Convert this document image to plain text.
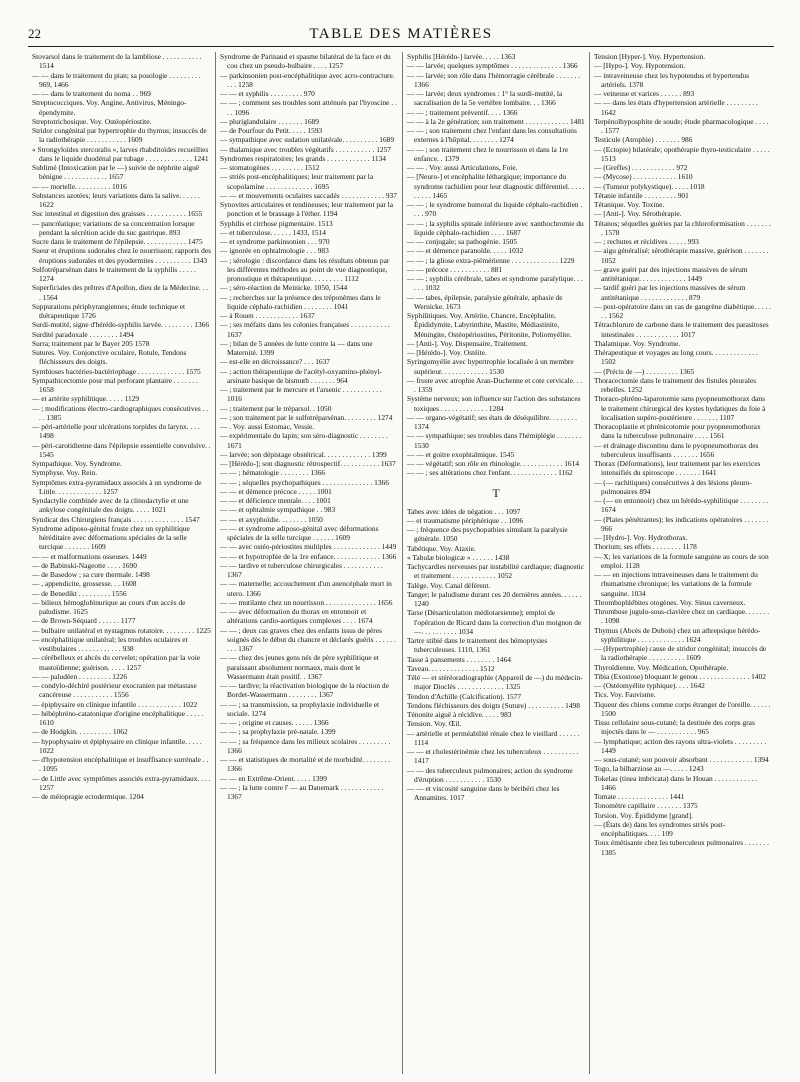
22	TABLE DES MATIÈRES

Stovarsol dans le traitement de la lambliose . . . . . . . . . . . 1514

— — dans le traitement du pian; sa posologie . . . . . . . . . 969, 1466

— — dans le traitement du noma . . 969

Streptococciques. Voy. Angine, Antivirus, Méningo-épendymite.

Streptotrichosique. Voy. Ostéopériostite.

Stridor congénital par hypertrophie du thymus; insuccès de la radiothérapie . . . . . . . . . . . 1609

« Strongyloïdes stercoralis », larves rhabditoïdes recueillies dans le liquide duodénal par tubage . . . . . . . . . . . . . 1241

Sublimé (Intoxication par le —) suivie de néphrite aiguë bénigne . . . . . . . . . . . . 1657

— — mortelle. . . . . . . . . . 1016

Substances azotées; leurs variations dans la salive. . . . . . 1622

Suc intestinal et digestion des graisses . . . . . . . . . . . 1655

— pancréatique; variations de sa concentration lorsque pendant la sécrétion acide du suc gastrique. 893

Sucre dans le traitement de l'épilepsie. . . . . . . . . . . . 1475

Sueur et éruptions sudorales chez le nourrisson; rapports des éruptions sudorales et des pyodermites . . . . . . . . . . 1343

Sulfotréparsénan dans le traitement de la syphilis . . . . . 1274

Superficiales des prêtres d'Apollon, dieu de la Médecine. . . . 1564

Suppurations périphyrangiennes; étude technique et thérapeutique 1726

Surdi-mutité, signe d'hérédo-syphilis larvée. . . . . . . . . 1366

Surdité paradoxale . . . . . . . . 1494

Surra; traitement par le Bayer 205 1578

Sutures. Voy. Conjonctive oculaire, Rotule, Tendons fléchisseurs des doigts.

Symbioses bactéries-bactériophage . . . . . . . . . . . . . 1575

Sympathicectomie pour mal perforant plantaire . . . . . . . 1658

— et artérite syphilitique. . . . . 1129

— ; modifications électro-cardiographiques consécutives . . . . 1385

— péri-artérielle pour ulcérations torpides du larynx. . . . 1498

— péri-carotidienne dans l'épilepsie essentielle convulsive. . 1545

Sympathique. Voy. Syndrome.

Symphyse. Voy. Rein.

Symptômes extra-pyramidaux associés à un syndrome de Little. . . . . . . . . . . . . 1257

Syndactylie combinée avec de la clinodactylie et une ankylose congénitale des doigts. . . . . 1021

Syndicat des Chirurgiens français . . . . . . . . . . . . . . 1547

Syndrome adiposo-génital fruste chez un syphilitique héréditaire avec déformations spéciales de la selle turcique . . . . . . . 1609

— — et malformations osseuses. 1449

— de Babinski-Nageotte . . . . 1690

— de Basedow ; sa cure thermale. 1498

— , appendicite, grossesse. . . 1608

— de Benedikt . . . . . . . . . 1556

— bilieux hémoglobinurique au cours d'un accès de paludisme. 1625

— de Brown-Séquard . . . . . . 1177

— bulbaire unilatéral et nystagmus rotatoire. . . . . . . . . 1225

— encéphalitique unilatéral; les troubles oculaires et vestibulaires . . . . . . . . . . . . 938

— cérébelleux et abcès du cervelet; opération par la voie mastoïdienne; guérison. . . . . 1257

— — paludéen . . . . . . . . . 1226

— condylo-déchiré postérieur exocranien par métastase cancéreuse . . . . . . . . . . . 1556

— épiphysaire en clinique infantile . . . . . . . . . . . . 1022

— hébéphréno-catatonique d'origine encéphalitique . . . . . 1610

— de Hodgkin. . . . . . . . . . 1062

— hypophysaire et épiphysaire en clinique infantile. . . . . 1022

— d'hypotension encéphalitique et insuffisance surrénale . . . 1095

— de Little avec symptômes associés extra-pyramidaux. . . . 1257

— de méiopragie ectodermique. 1204

Syndrome de Parinaud et spasme bilatéral de la face et du cou chez un pseudo-bulbaire . . . . 1257

— parkinsonien post-encéphalitique avec acro-contracture. . . . 1258

— — et syphilis . . . . . . . . . 970

— — ; comment ses troubles sont atténués par l'hyoscine . . . . 1096

— pluriglandulaire . . . . . . . 1689

— de Pourfour du Petit. . . . . 1593

— sympathique avec sudation unilatérale. . . . . . . . . . 1689

— thalamique avec troubles végétatifs . . . . . . . . . . . 1257

Syndromes respiratoires; les grands . . . . . . . . . . . . 1134

— stomatogènes . . . . . . . . . 1512

— striés post-encéphalitiques; leur traitement par la scopolamine . . . . . . . . . . . . . 1695

— — et mouvements oculaires saccadés . . . . . . . . . . . . 937

Synovites articulaires et tendineuses; leur traitement par la ponction et le brassage à l'éther. 1194

Syphilis et cirrhose pigmentaire. 1513

— et tuberculose. . . . . . 1433, 1514

— et syndrome parkinsonien . . . 970

— ignorée en ophtalmologie . . . 983

— ; sérologie : discordance dans les résultats obtenus par les différentes méthodes au point de vue diagnostique, pronostique et thérapeutique. . . . . . . . . 1112

— ; séro-réaction de Meinicke. 1050, 1544

— ; recherches sur la présence des tréponèmes dans le liquide céphalo-rachidien . . . . . . . . 1041

— à Rouen . . . . . . . . . . . . 1637

— ; ses méfaits dans les colonies françaises . . . . . . . . . . . 1637

— ; bilan de 5 années de lutte contre la — dans une Maternité. 1399

— est-elle en décroissance? . . . 1637

— ; action thérapeutique de l'acétyl-oxyamino-phényl-arsinate basique de bismuth . . . . . . . 964

— ; traitement par le mercure et l'arsenic . . . . . . . . . . . 1016

— ; traitement par le tréparsol. . 1050

— ; son traitement par le sulfotréparsénan. . . . . . . . . 1274

— . Voy. aussi Estomac, Vessie.

— expérimentale du lapin; son séro-diagnostic . . . . . . . . 1671

— larvée; son dépistage obstétrical. . . . . . . . . . . . . 1399

— [Hérédo-]; son diagnostic rétrospectif. . . . . . . . . . . 1637

— — ; hématologie . . . . . . . . 1366

— — ; séquelles psychopathiques . . . . . . . . . . . . . . 1366

— — et démence précoce . . . . . 1001

— — et déficience mentale. . . . 1001

— — et ophtalmie sympathique . . 983

— — et axyphoïdie. . . . . . . . 1050

— — et syndrome adiposo-génital avec déformations spéciales de la selle turcique . . . . . . 1609

— — avec ostéo-périostites multiples . . . . . . . . . . . . . 1449

— — et hypotrophie de la 1re enfance. . . . . . . . . . . . . 1366

— — tardive et tuberculose chirurgicales . . . . . . . . . . . 1367

— — maternelle; accouchement d'un anencéphale mort in utero. 1366

— — mutilante chez un nourrisson . . . . . . . . . . . . . . 1656

— — avec déformation du thorax en entonnoir et altérations cardio-aortiques complexes . . . . 1674

— — ; deux cas graves chez des enfants issus de pères soignés dès le début du chancre et déclarés guéris . . . . . . . . . 1367

— — chez des jeunes gens nés de père syphilitique et paraissant absolument normaux, mais dont le Wassermann était positif. . 1367

— — tardive; la réactivation biologique de la réaction de Bordet-Wassermann . . . . . . . . 1367

— — ; sa transmission, sa prophylaxie individuelle et sociale. 1274

— — ; origine et causes. . . . . . 1366

— — ; sa prophylaxie pré-natale. 1399

— — ; sa fréquence dans les milieux scolaires . . . . . . . . . 1366

— — et statistiques de mortalité et de morbidité. . . . . . . . 1366

— — en Extrême-Orient. . . . . 1399

— — ; la lutte contre l' — au Danemark . . . . . . . . . . . . 1367

Syphilis [Hérédo-] larvée. . . . . 1363

— — larvée; quelques symptômes . . . . . . . . . . . . . . 1366

— — larvée; son rôle dans l'hémorragie cérébrale . . . . . . . 1366

— — larvée; deux syndromes : 1° la surdi-mutité, la sacralisation de la 5e vertèbre lombaire. . . 1366

— — ; traitement préventif. . . . 1366

— — à la 2e génération; son traitement . . . . . . . . . . . . 1481

— — ; son traitement chez l'enfant dans les consultations externes à l'hôpital. . . . . . . . 1274

— — ; son traitement chez le nourrisson et dans la 1re enfance. . 1379

— — . Voy. aussi Articulations, Foie.

— [Neuro-] et encéphalite léthargique; importance du syndrome rachidien pour leur diagnostic différentiel. . . . . . . . . . 1465

— — ; le syndrome humoral du liquide céphalo-rachidien . . . . 970

— — ; la syphilis spinale inférieure avec xanthochromie du liquide céphalo-rachidien . . . . 1687

— — conjugale; sa pathogénie. 1505

— — et démence paranoïde. . . . . 1032

— — ; la gliose extra-piémérienne . . . . . . . . . . . . . 1229

— — précoce . . . . . . . . . . . 881

— — ; syphilis cérébrale, tabes et syndrome paralytique. . . . . . 1032

— — tabes, épilepsie, paralysie générale, aphasie de Wernicke. 1673

Syphilitiques. Voy. Artérite, Chancre, Encéphalite, Épididymite, Labyrinthite, Mastite, Médiastinite, Méningite, Ostéopériostites, Péritonite, Poliomyélite.

— [Anti-]. Voy. Dispensaire, Traitement.

— [Hérédo-]. Voy. Ostéite.

Syringomyélie avec hypertrophie localisée à un membre supérieur. . . . . . . . . . . . . 1530

— fruste avec atrophie Aran-Duchenne et cote cervicale. . . . 1359

Système nerveux; son influence sur l'action des substances toxiques . . . . . . . . . . . . . 1284

— — organo-végétatif; ses états de déséquilibre. . . . . . . . 1374

— — sympathique; ses troubles dans l'hémiplégie . . . . . . . 1530

— — et goitre exophtalmique. 1545

— — végétatif; son rôle en rhinologie. . . . . . . . . . . . 1614

— — ; ses altérations chez l'enfant. . . . . . . . . . . . . 1162

T

Tabes avec idées de négation . . . 1097

— et traumatisme périphérique . . 1096

— ; fréquence des psychopathies simulant la paralysie générale. 1050

Tabétique. Voy. Ataxie.

« Tabulæ biologicæ » . . . . . . 1438

Tachycardies nerveuses par instabilité cardiaque; diagnostic et traitement . . . . . . . . . . . . 1052

Talège. Voy. Canal déférent.

Tanger; le paludisme durant ces 20 dernières années. . . . . . 1240

Tarse (Désarticulation médiotarsienne); emploi de l'opération de Ricard dans la correction d'un moignon de —. . . . . . . . . . 1034

Tartre stibié dans le traitement des hémoptysies tuberculeuses. 1110, 1361

Tasse à pansements . . . . . . . . 1464

Taveau. . . . . . . . . . . . . . 1512

Télé — et stéréoradiographie (Appareil de —) du médecin-major Dioclès . . . . . . . . . . . . . 1325

Tendon d'Achille (Calcification). 1577

Tendons fléchisseurs des doigts (Suture) . . . . . . . . . . 1498

Ténonite aiguë à récidive. . . . . 983

Tension. Voy. Œil.

— artérielle et perméabilité rénale chez le vieillard . . . . . . 1114

— — et cholestérinémie chez les tuberculeux . . . . . . . . . . 1417

— — des tuberculeux pulmonaires; action du syndrome d'éruption . . . . . . . . . . . 1530

— — et viscosité sanguine dans le béribéri chez les Annamites. 1017

Tension [Hyper-]. Voy. Hypertension.

— [Hypo-]. Voy. Hypotension.

— intraveineuse chez les hypotendus et hypertendus artériels. 1378

— veineuse et varices . . . . . . 893

— — dans les états d'hypertension artérielle . . . . . . . . . 1642

Terpénolhyposphite de soude; étude pharmacologique . . . . . 1577

Testicule (Atrophie) . . . . . . . 986

— (Ectopie) bilatérale; opothérapie thyro-testiculaire . . . . . 1513

— (Greffes) . . . . . . . . . . . . 972

— (Mycose) . . . . . . . . . . . . 1610

— (Tumeur polykystique). . . . . 1018

Tétanie infantile . . . . . . . . . 901

Tétanique. Voy. Toxine.

— [Anti-]. Voy. Sérothérapie.

Tétanos; séquelles guéries par la chloroformisation . . . . . . . . 1578

— ; rechutes et récidives . . . . . 993

— aigu généralisé; sérothérapie massive, guérison . . . . . . . 1052

— grave guéri par des injections massives de sérum antitétanique. . . . . . . . . . . . . 1449

— tardif guéri par les injections massives de sérum antitétanique . . . . . . . . . . . . . 879

— post-opératoire dans un cas de gangrène diabétique. . . . . . . 1562

Tétrachlorure de carbone dans le traitement des parasitoses intestinales . . . . . . . . . . . . 1017

Thalamique. Voy. Syndrome.

Thérapeutique et voyages au long cours. . . . . . . . . . . . . 1502

— (Précis de —) . . . . . . . . . 1365

Thoracectomie dans le traitement des fistules pleurales rebelles. 1252

Thoraco-phréno-laparotomie sans pyopneumothorax dans le traitement chirurgical des kystes hydatiques du foie à localisation supéro-postérieure . . . . . . . 1107

Thoracoplastie et phrénicotomie pour pyopneumothorax dans la tuberculose pulmonaire . . . . 1561

— et drainage discontinu dans le pyopneumothorax des tuberculeux insuffisants . . . . . . . 1656

Thorax (Déformations), leur traitement par les exercices intensifiés du spiroscope . . . . . . . 1641

— (— rachitiques) consécutives à des lésions pleuro-pulmonaires 894

— (— en entonnoir) chez un hérédo-syphilitique . . . . . . . . 1674

— (Plaies pénétrantes); les indications opératoires . . . . . . . 966

— [Hydro-]. Voy. Hydrothorax.

Thorium; ses effets . . . . . . . . 1178

— X; les variations de la formule sanguine au cours de son emploi. 1128

— — en injections intraveineuses dans le traitement du rhumatisme chronique; les variations de la formule sanguine. 1034

Thrombophlébites otogènes. Voy. Sinus caverneux.

Thrombose jugulo-sous-clavière chez un cardiaque. . . . . . . . 1098

Thymus (Abcès de Dubois) chez un athrepsique hérédo-syphilitique . . . . . . . . . . . . . 1624

— (Hypertrophie) cause de stridor congénital; insuccès de la radiothérapie . . . . . . . . . . 1609

Thyroïdienne. Voy. Médication, Opothérapie.

Tibia (Exostose) bloquant le genou . . . . . . . . . . . . . . 1402

— (Ostéomyélite typhique). . . . 1642

Tics. Voy. Fauvisme.

Tiqueur des chiens comme corps étranger de l'oreille. . . . . . 1500

Tissu cellulaire sous-cutané; la destinée des corps gras injectés dans le — . . . . . . . . . . . 965

— lymphatique; action des rayons ultra-violets . . . . . . . . . 1449

— sous-cutané; son pouvoir absorbant . . . . . . . . . . . . 1394

Togo, la bilharziose au —. . . . . 1243

Tokelau (tinea imbricata) dans le Houan . . . . . . . . . . . . 1466

Tomate . . . . . . . . . . . . . . 1441

Tonomètre capillaire . . . . . . . 1375

Torsion. Voy. Épididyme [grand].

— (États de) dans les syndromes striés post-encéphalitiques. . . . 109

Toux émétisante chez les tuberculeux pulmonaires . . . . . . . 1385
